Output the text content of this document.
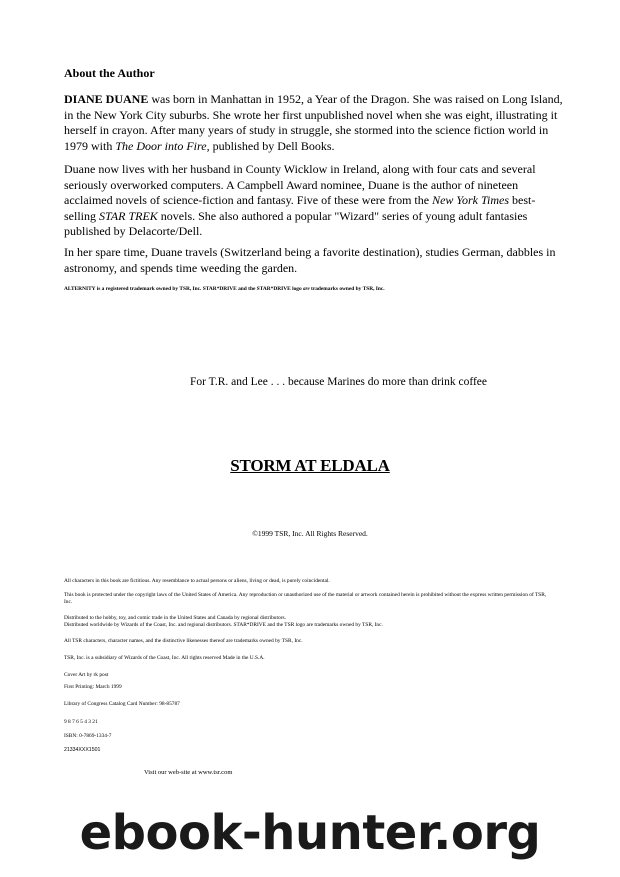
About the Author
DIANE DUANE was born in Manhattan in 1952, a Year of the Dragon. She was raised on Long Island, in the New York City suburbs. She wrote her first unpublished novel when she was eight, illustrating it herself in crayon. After many years of study in struggle, she stormed into the science fiction world in 1979 with The Door into Fire, published by Dell Books.
Duane now lives with her husband in County Wicklow in Ireland, along with four cats and several seriously overworked computers. A Campbell Award nominee, Duane is the author of nineteen acclaimed novels of science-fiction and fantasy. Five of these were from the New York Times best-selling STAR TREK novels. She also authored a popular "Wizard" series of young adult fantasies published by Delacorte/Dell.
In her spare time, Duane travels (Switzerland being a favorite destination), studies German, dabbles in astronomy, and spends time weeding the garden.
ALTERNITY is a registered trademark owned by TSR, Inc. STAR*DRIVE and the STAR*DRIVE logo are trademarks owned by TSR, Inc.
For T.R. and Lee . . . because Marines do more than drink coffee
STORM AT ELDALA
©1999 TSR, Inc. All Rights Reserved.
All characters in this book are fictitious. Any resemblance to actual persons or aliens, living or dead, is purely coincidental.
This book is protected under the copyright laws of the United States of America. Any reproduction or unauthorized use of the material or artwork contained herein is prohibited without the express written permission of TSR, Inc.
Distributed to the hobby, toy, and comic trade in the United States and Canada by regional distributors.
Distributed worldwide by Wizards of the Coast, Inc. and regional distributors. STAR*DRIVE and the TSR logo are trademarks owned by TSR, Inc.
All TSR characters, character names, and the distinctive likenesses thereof are trademarks owned by TSR, Inc.
TSR, Inc. is a subsidiary of Wizards of the Coast, Inc. All rights reserved Made in the U.S.A.
Cover Art by rk post
First Printing: March 1999
Library of Congress Catalog Card Number: 98-85787
9 8 7 6 5 4 3 21
ISBN: 0-7869-1334-7
21334XXX1501
Visit our web-site at www.tsr.com
ebook-hunter.org
